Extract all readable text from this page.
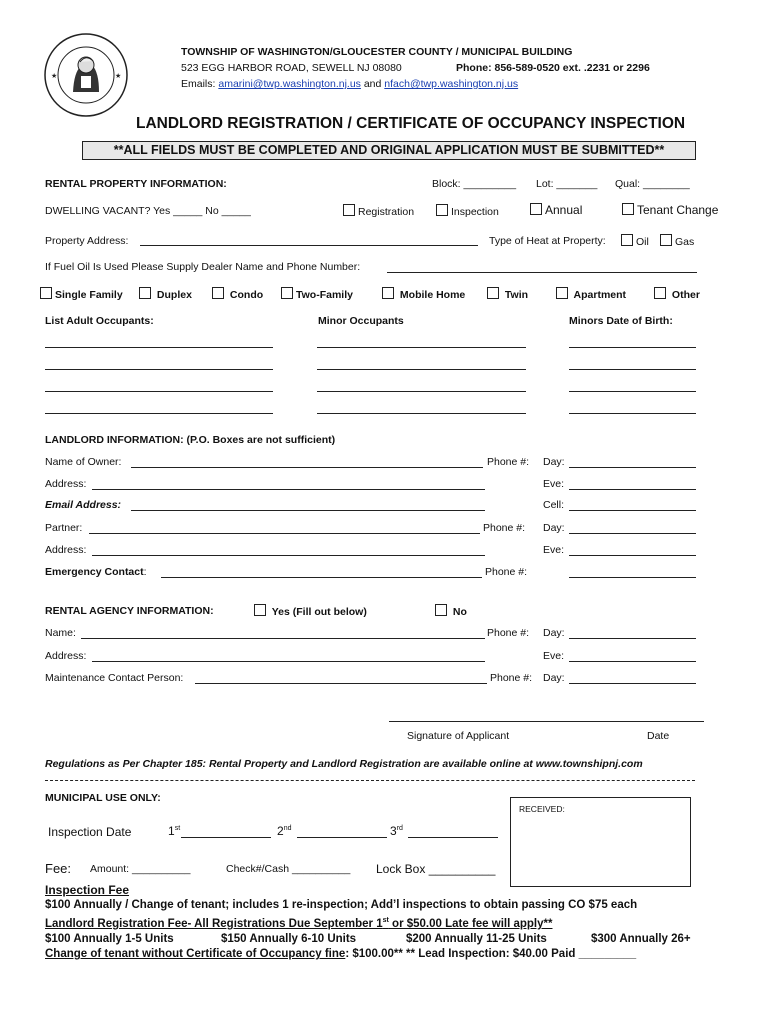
★	★
TOWNSHIP OF WASHINGTON/GLOUCESTER COUNTY / MUNICIPAL BUILDING
523 EGG HARBOR ROAD, SEWELL NJ 08080	Phone: 856-589-0520 ext. .2231 or 2296
Emails: amarini@twp.washington.nj.us and nfach@twp.washington.nj.us
LANDLORD REGISTRATION / CERTIFICATE OF OCCUPANCY INSPECTION
**ALL FIELDS MUST BE COMPLETED AND ORIGINAL APPLICATION MUST BE SUBMITTED**
RENTAL PROPERTY INFORMATION:	Block: _________ Lot: _______ Qual: ________
DWELLING VACANT? Yes _____ No _____	Registration	Inspection	Annual	Tenant Change
Property Address:	Type of Heat at Property:	Oil	Gas
If Fuel Oil Is Used Please Supply Dealer Name and Phone Number:
Single Family	Duplex	Condo	Two-Family	Mobile Home	Twin	Apartment	Other
List Adult Occupants:	Minor Occupants	Minors Date of Birth:
LANDLORD INFORMATION: (P.O. Boxes are not sufficient)
Name of Owner:	Phone #: Day:
Address:	Eve:
Email Address:	Cell:
Partner:	Phone #: Day:
Address:	Eve:
Emergency Contact:	Phone #:
RENTAL AGENCY INFORMATION:	Yes (Fill out below)	No
Name:	Phone #: Day:
Address:	Eve:
Maintenance Contact Person:	Phone #: Day:
Signature of Applicant	Date
Regulations as Per Chapter 185: Rental Property and Landlord Registration are available online at www.townshipnj.com
MUNICIPAL USE ONLY:
RECEIVED:
Inspection Date	1st	2nd	3rd
Fee: Amount: __________	Check#/Cash __________ Lock Box __________
Inspection Fee
$100 Annually / Change of tenant; includes 1 re-inspection; Add’l inspections to obtain passing CO $75 each
Landlord Registration Fee- All Registrations Due September 1st or $50.00 Late fee will apply**
$100 Annually 1-5 Units	$150 Annually 6-10 Units	$200 Annually 11-25 Units	$300 Annually 26+
Change of tenant without Certificate of Occupancy fine: $100.00** ** Lead Inspection: $40.00 Paid _________
